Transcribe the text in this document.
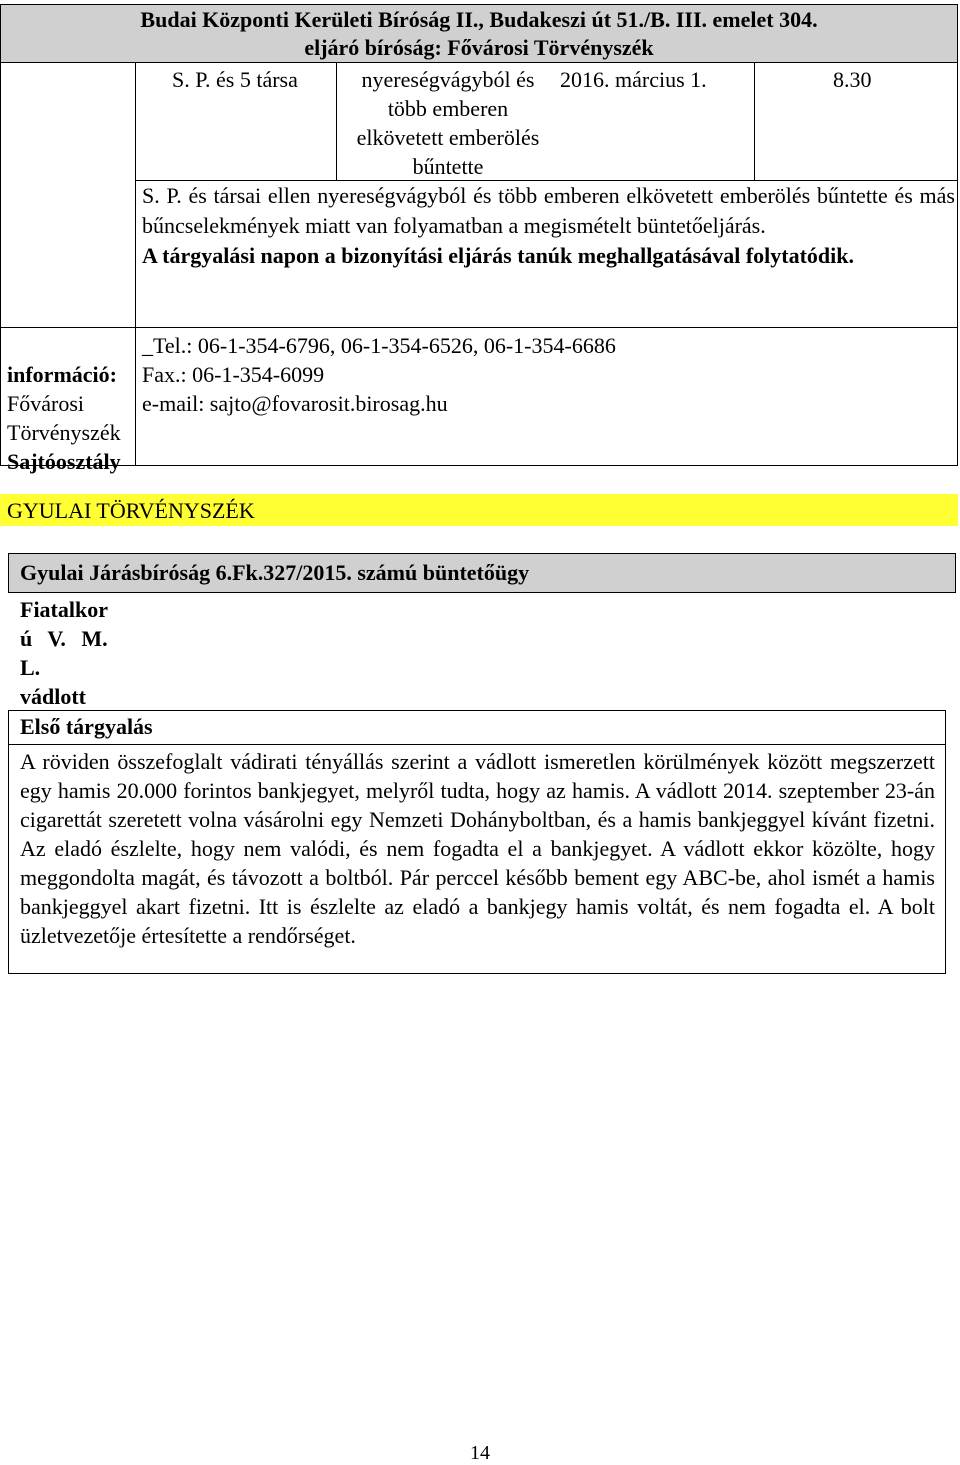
Budai Központi Kerületi Bíróság II., Budakeszi út 51./B. III. emelet 304.
eljáró bíróság: Fővárosi Törvényszék
S. P. és 5 társa	nyereségvágyból és több emberen elkövetett emberölés bűntette
2016. március 1.	8.30
S. P. és társai ellen nyereségvágyból és több emberen elkövetett emberölés bűntette és más bűncselekmények miatt van folyamatban a megismételt büntetőeljárás.
A tárgyalási napon a bizonyítási eljárás tanúk meghallgatásával folytatódik.
_Tel.: 06-1-354-6796, 06-1-354-6526, 06-1-354-6686
Fax.: 06-1-354-6099
e-mail: sajto@fovarosit.birosag.hu
információ:
Fővárosi
Törvényszék
Sajtóosztály
GYULAI TÖRVÉNYSZÉK
Gyulai Járásbíróság 6.Fk.327/2015. számú büntetőügy
Fiatalkor
ú V. M.
L.
vádlott
Első tárgyalás
A röviden összefoglalt vádirati tényállás szerint a vádlott ismeretlen körülmények között megszerzett egy hamis 20.000 forintos bankjegyet, melyről tudta, hogy az hamis. A vádlott 2014. szeptember 23-án cigarettát szeretett volna vásárolni egy Nemzeti Dohányboltban, és a hamis bankjeggyel kívánt fizetni. Az eladó észlelte, hogy nem valódi, és nem fogadta el a bankjegyet. A vádlott ekkor közölte, hogy meggondolta magát, és távozott a boltból. Pár perccel később bement egy ABC-be, ahol ismét a hamis bankjeggyel akart fizetni. Itt is észlelte az eladó a bankjegy hamis voltát, és nem fogadta el. A bolt üzletvezetője értesítette a rendőrséget.
14
